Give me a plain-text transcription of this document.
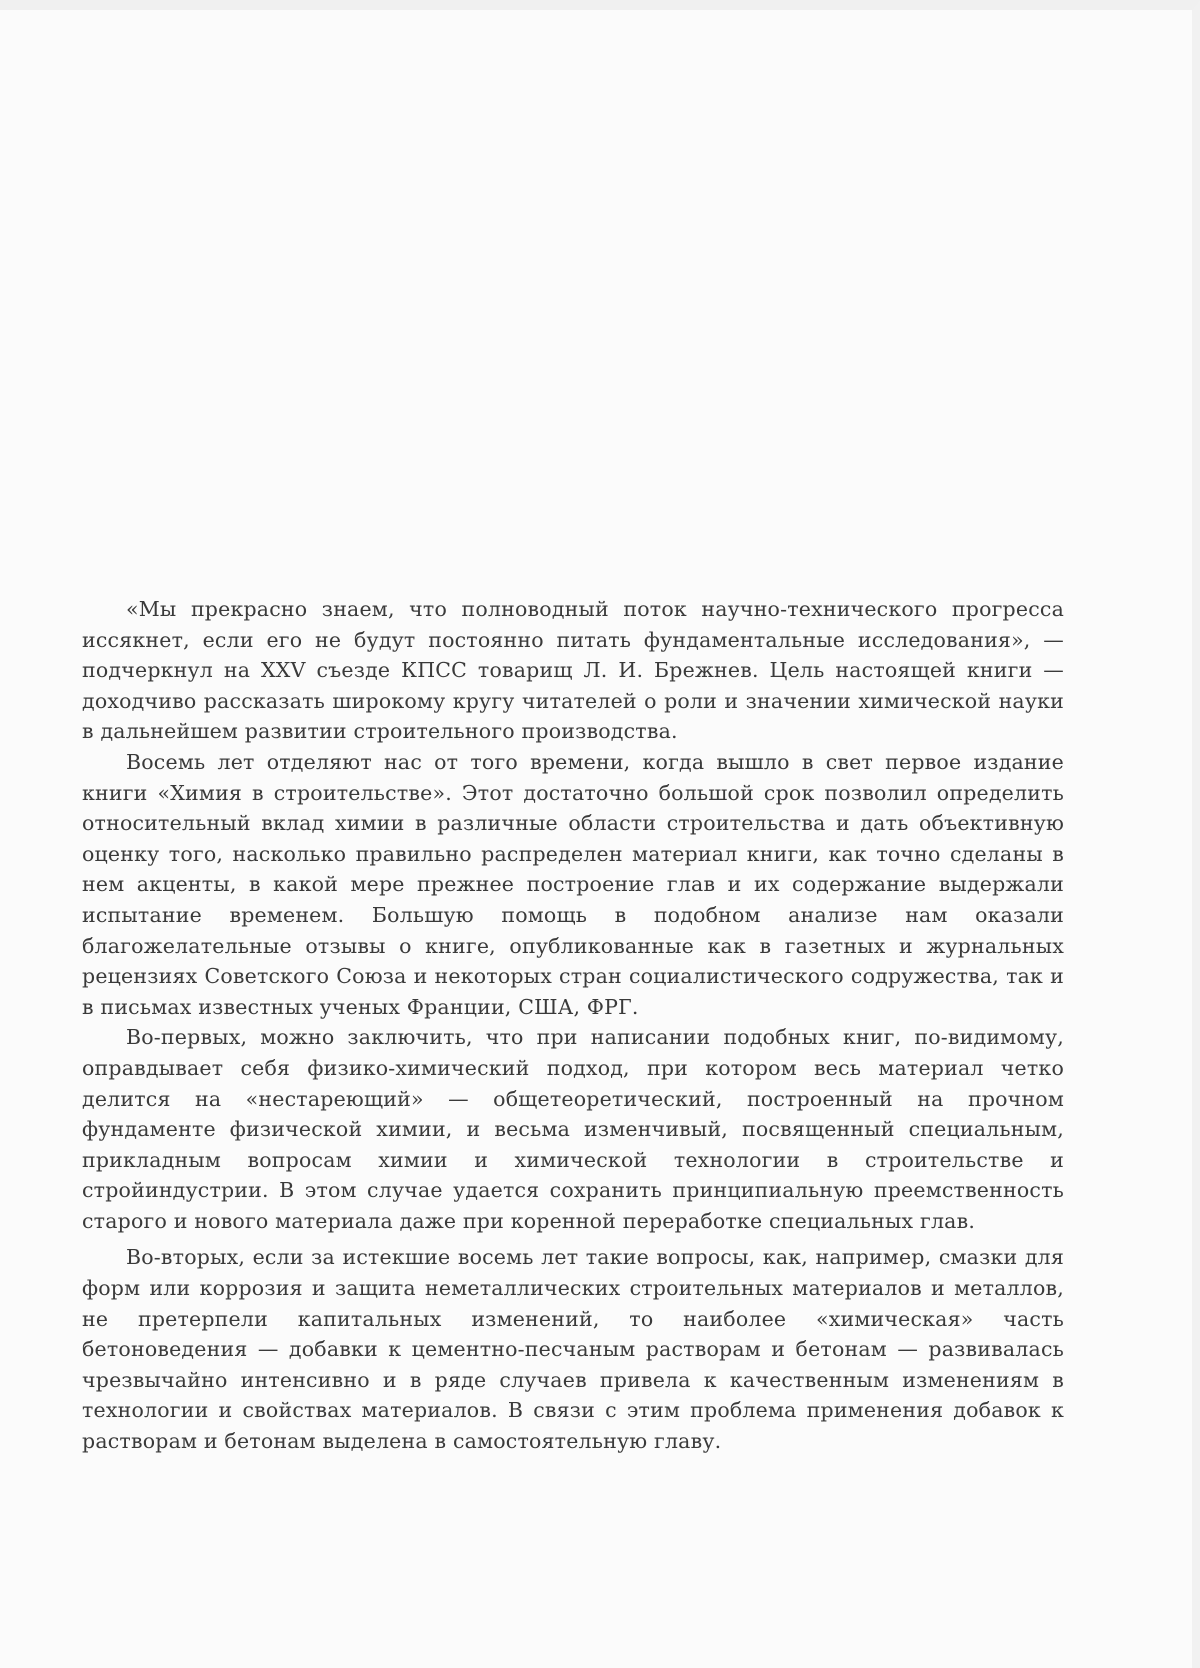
«Мы прекрасно знаем, что полноводный поток научно-технического прогресса иссякнет, если его не будут постоянно питать фундаментальные исследования», — подчеркнул на XXV съезде КПСС товарищ Л. И. Брежнев. Цель настоящей книги — доходчиво рассказать широкому кругу читателей о роли и значении химической науки в дальнейшем развитии строительного производства.

Восемь лет отделяют нас от того времени, когда вышло в свет первое издание книги «Химия в строительстве». Этот достаточно большой срок позволил определить относительный вклад химии в различные области строительства и дать объективную оценку того, насколько правильно распределен материал книги, как точно сделаны в нем акценты, в какой мере прежнее построение глав и их содержание выдержали испытание временем. Большую помощь в подобном анализе нам оказали благожелательные отзывы о книге, опубликованные как в газетных и журнальных рецензиях Советского Союза и некоторых стран социалистического содружества, так и в письмах известных ученых Франции, США, ФРГ.

Во-первых, можно заключить, что при написании подобных книг, по-видимому, оправдывает себя физико-химический подход, при котором весь материал четко делится на «нестареющий» — общетеоретический, построенный на прочном фундаменте физической химии, и весьма изменчивый, посвященный специальным, прикладным вопросам химии и химической технологии в строительстве и стройиндустрии. В этом случае удается сохранить принципиальную преемственность старого и нового материала даже при коренной переработке специальных глав.

Во-вторых, если за истекшие восемь лет такие вопросы, как, например, смазки для форм или коррозия и защита неметаллических строительных материалов и металлов, не претерпели капитальных изменений, то наиболее «химическая» часть бетоноведения — добавки к цементно-песчаным растворам и бетонам — развивалась чрезвычайно интенсивно и в ряде случаев привела к качественным изменениям в технологии и свойствах материалов. В связи с этим проблема применения добавок к растворам и бетонам выделена в самостоятельную главу.
